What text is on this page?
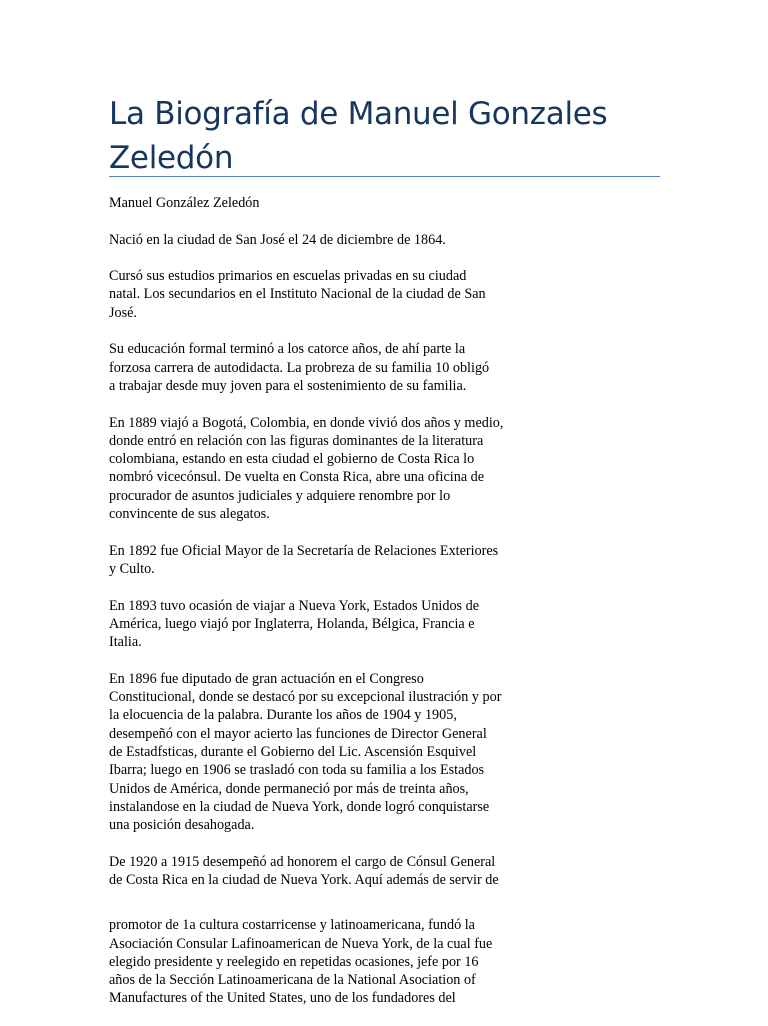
La Biografía de Manuel Gonzales
Zeledón

Manuel González Zeledón

Nació en la ciudad de San José el 24 de diciembre de 1864.

Cursó sus estudios primarios en escuelas privadas en su ciudad
natal. Los secundarios en el Instituto Nacional de la ciudad de San
José.

Su educación formal terminó a los catorce años, de ahí parte la
forzosa carrera de autodidacta. La probreza de su familia 10 obligó
a trabajar desde muy joven para el sostenimiento de su familia.

En 1889 viajó a Bogotá, Colombia, en donde vivió dos años y medio,
donde entró en relación con las figuras dominantes de la literatura
colombiana, estando en esta ciudad el gobierno de Costa Rica lo
nombró vicecónsul. De vuelta en Consta Rica, abre una oficina de
procurador de asuntos judiciales y adquiere renombre por lo
convincente de sus alegatos.

En 1892 fue Oficial Mayor de la Secretaría de Relaciones Exteriores
y Culto.

En 1893 tuvo ocasión de viajar a Nueva York, Estados Unidos de
América, luego viajó por Inglaterra, Holanda, Bélgica, Francia e
Italia.

En 1896 fue diputado de gran actuación en el Congreso
Constitucional, donde se destacó por su excepcional ilustración y por
la elocuencia de la palabra. Durante los años de 1904 y 1905,
desempeñó con el mayor acierto las funciones de Director General
de Estadfsticas, durante el Gobierno del Lic. Ascensión Esquivel
Ibarra; luego en 1906 se trasladó con toda su familia a los Estados
Unidos de América, donde permaneció por más de treinta años,
instalandose en la ciudad de Nueva York, donde logró conquistarse
una posición desahogada.

De 1920 a 1915 desempeñó ad honorem el cargo de Cónsul General
de Costa Rica en la ciudad de Nueva York. Aquí además de servir de

promotor de 1a cultura costarricense y latinoamericana, fundó la
Asociación Consular Lafinoamerican de Nueva York, de la cual fue
elegido presidente y reelegido en repetidas ocasiones, jefe por 16
años de la Sección Latinoamericana de la National Asociation of
Manufactures of the United States, uno de los fundadores del
